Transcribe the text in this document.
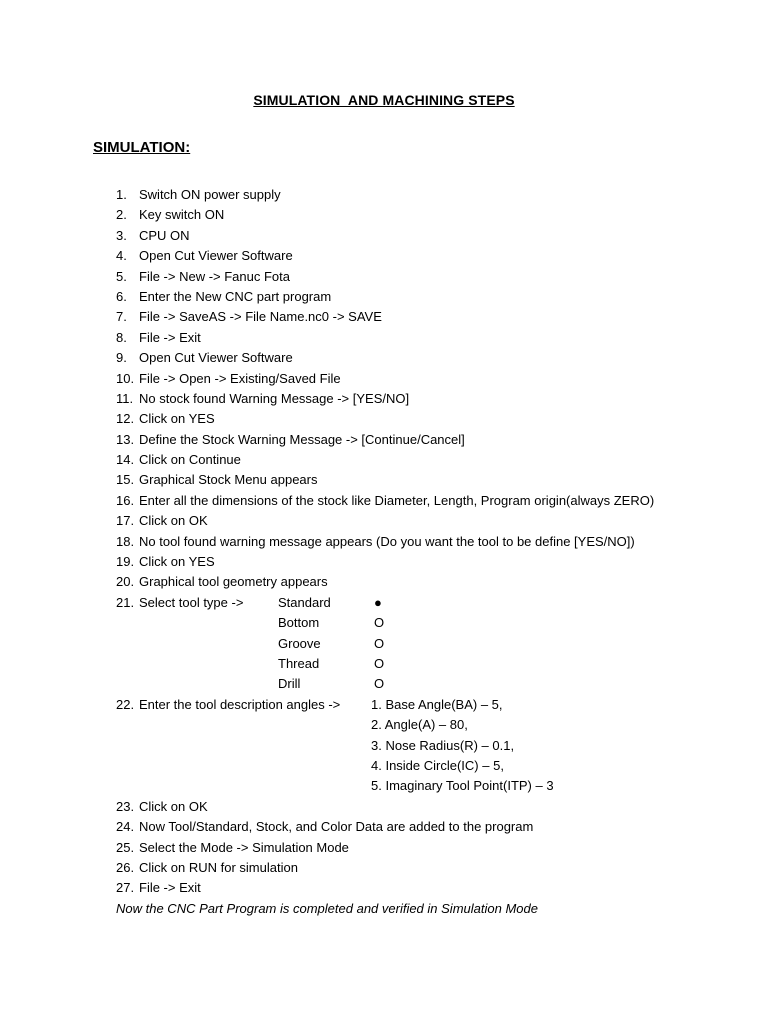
SIMULATION  AND MACHINING STEPS
SIMULATION:
1. Switch ON power supply
2. Key switch ON
3. CPU ON
4. Open Cut Viewer Software
5. File -> New -> Fanuc Fota
6. Enter the New CNC part program
7. File -> SaveAS -> File Name.nc0 -> SAVE
8. File -> Exit
9. Open Cut Viewer Software
10. File -> Open -> Existing/Saved File
11. No stock found Warning Message -> [YES/NO]
12. Click on YES
13. Define the Stock Warning Message -> [Continue/Cancel]
14. Click on Continue
15. Graphical Stock Menu appears
16. Enter all the dimensions of the stock like Diameter, Length, Program origin(always ZERO)
17. Click on OK
18. No tool found warning message appears (Do you want the tool to be define [YES/NO])
19. Click on YES
20. Graphical tool geometry appears
21. Select tool type ->	Standard	●
Bottom	O
Groove	O
Thread	O
Drill	O
22. Enter the tool description angles -> 1. Base Angle(BA) – 5,
2. Angle(A) – 80,
3. Nose Radius(R) – 0.1,
4. Inside Circle(IC) – 5,
5. Imaginary Tool Point(ITP) – 3
23. Click on OK
24. Now Tool/Standard, Stock, and Color Data are added to the program
25. Select the Mode -> Simulation Mode
26. Click on RUN for simulation
27. File -> Exit
Now the CNC Part Program is completed and verified in Simulation Mode
